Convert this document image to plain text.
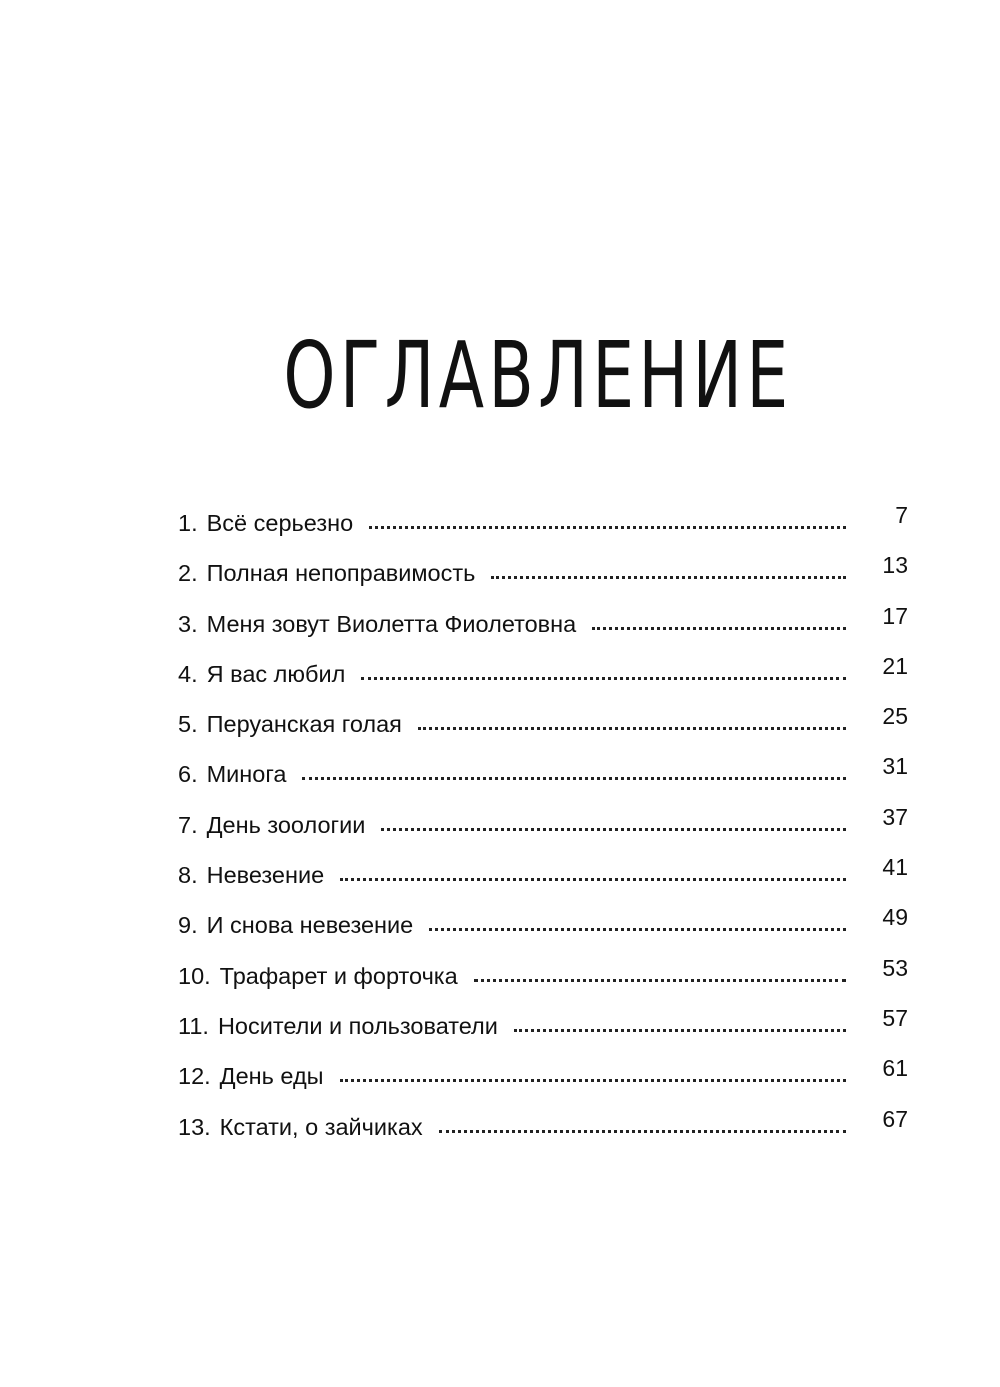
ОГЛАВЛЕНИЕ
1. Всё серьезно	7
2. Полная непоправимость	13
3. Меня зовут Виолетта Фиолетовна	17
4. Я вас любил	21
5. Перуанская голая	25
6. Минога	31
7. День зоологии	37
8. Невезение	41
9. И снова невезение	49
10. Трафарет и форточка	53
11. Носители и пользователи	57
12. День еды	61
13. Кстати, о зайчиках	67
